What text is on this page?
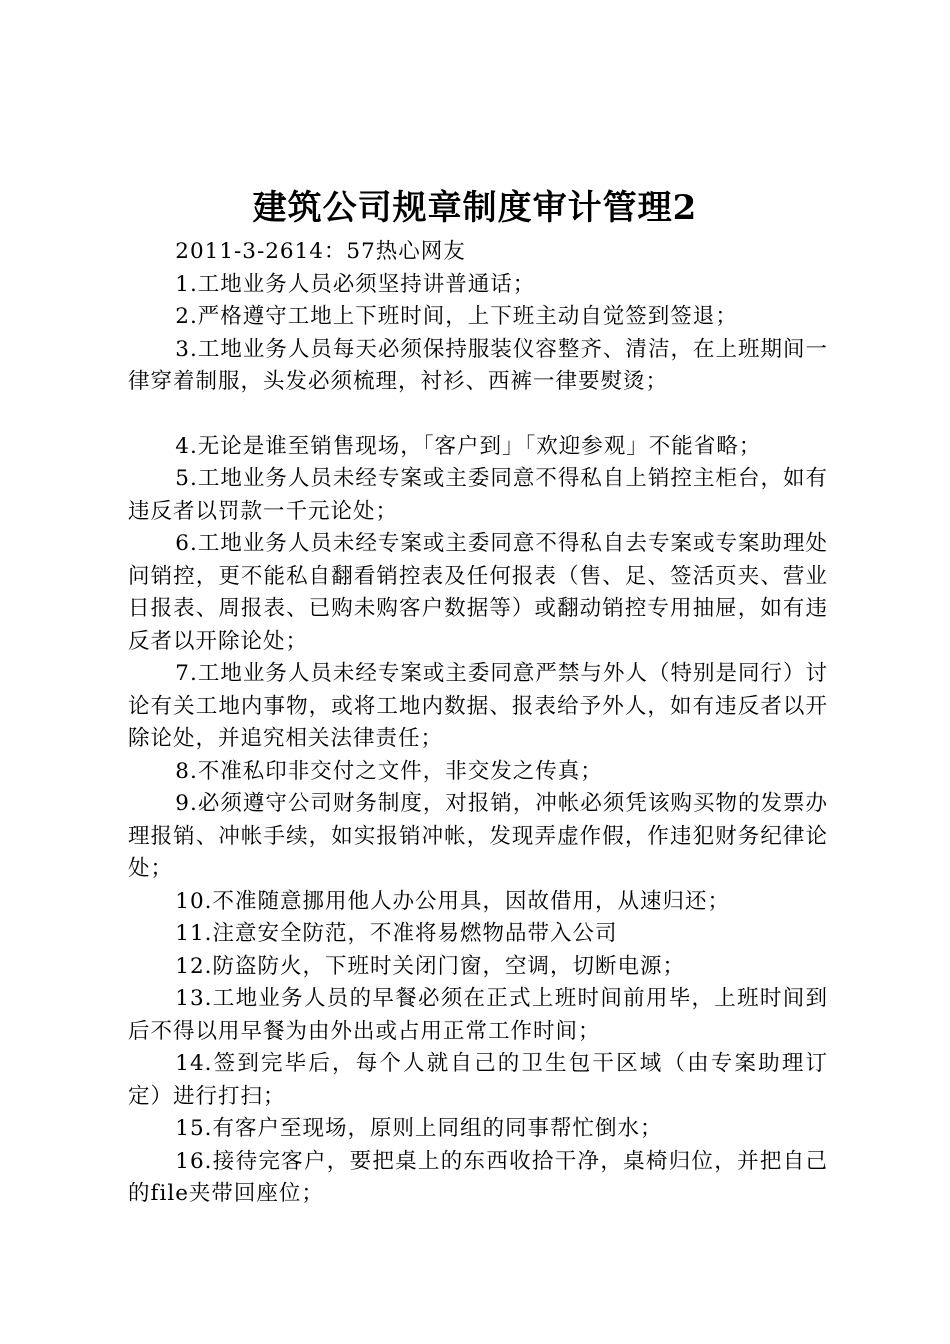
建筑公司规章制度审计管理2

2011-3-2614：57热心网友

1.工地业务人员必须坚持讲普通话；

2.严格遵守工地上下班时间，上下班主动自觉签到签退；

3.工地业务人员每天必须保持服装仪容整齐、清洁，在上班期间一律穿着制服，头发必须梳理，衬衫、西裤一律要熨烫；

4.无论是谁至销售现场，「客户到」「欢迎参观」不能省略；

5.工地业务人员未经专案或主委同意不得私自上销控主柜台，如有违反者以罚款一千元论处；

6.工地业务人员未经专案或主委同意不得私自去专案或专案助理处问销控，更不能私自翻看销控表及任何报表（售、足、签活页夹、营业日报表、周报表、已购未购客户数据等）或翻动销控专用抽屉，如有违反者以开除论处；

7.工地业务人员未经专案或主委同意严禁与外人（特别是同行）讨论有关工地内事物，或将工地内数据、报表给予外人，如有违反者以开除论处，并追究相关法律责任；

8.不准私印非交付之文件，非交发之传真；

9.必须遵守公司财务制度，对报销，冲帐必须凭该购买物的发票办理报销、冲帐手续，如实报销冲帐，发现弄虚作假，作违犯财务纪律论处；

10.不准随意挪用他人办公用具，因故借用，从速归还；

11.注意安全防范，不准将易燃物品带入公司

12.防盗防火，下班时关闭门窗，空调，切断电源；

13.工地业务人员的早餐必须在正式上班时间前用毕，上班时间到后不得以用早餐为由外出或占用正常工作时间；

14.签到完毕后，每个人就自己的卫生包干区域（由专案助理订定）进行打扫；

15.有客户至现场，原则上同组的同事帮忙倒水；

16.接待完客户，要把桌上的东西收拾干净，桌椅归位，并把自己的file夹带回座位；
